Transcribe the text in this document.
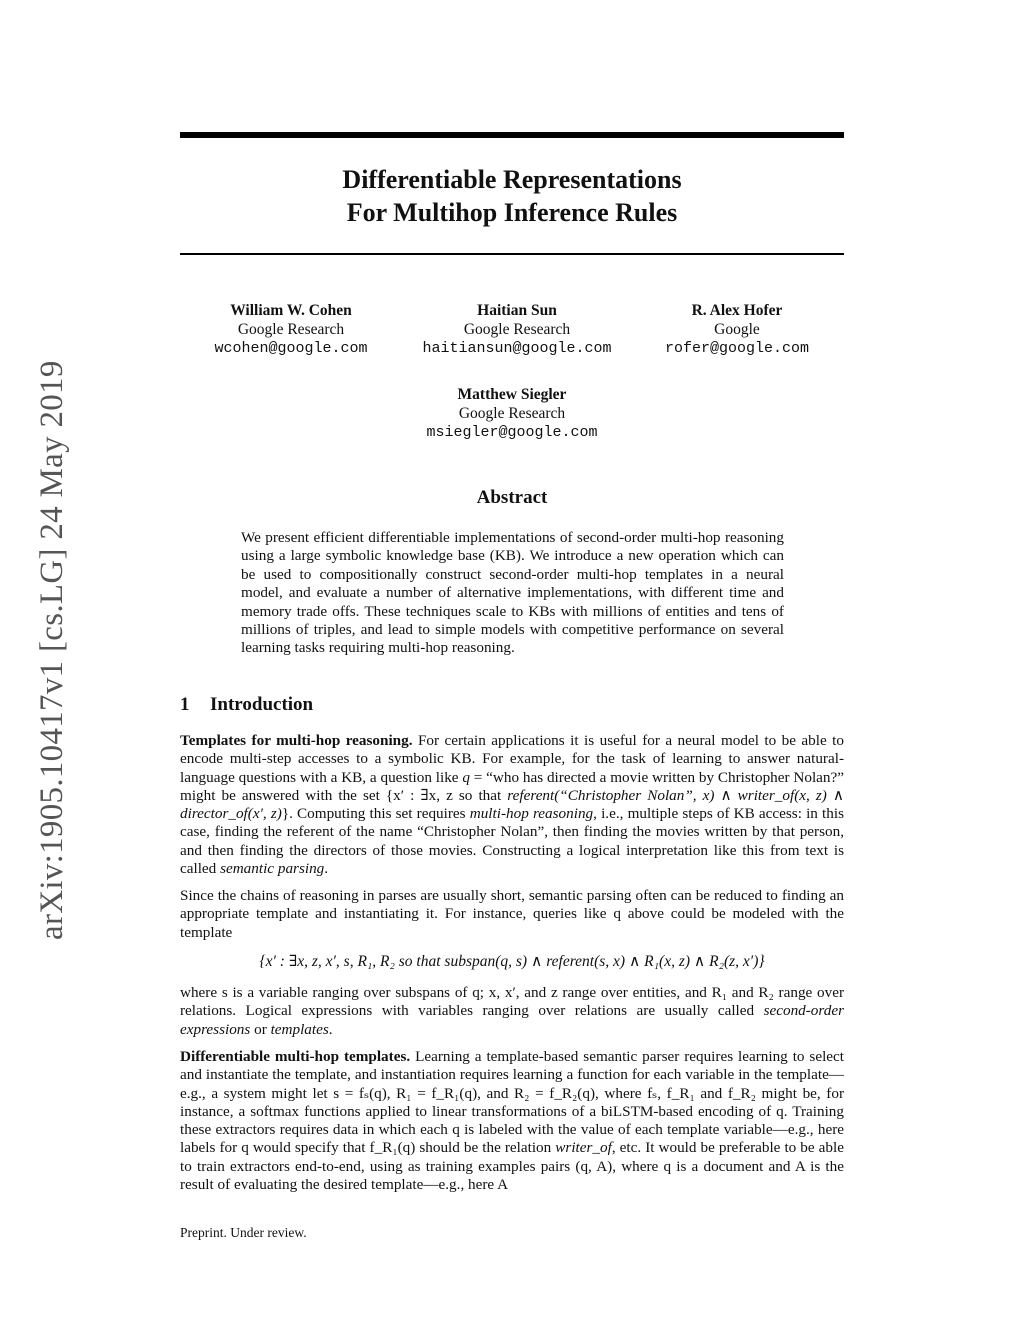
arXiv:1905.10417v1 [cs.LG] 24 May 2019
Differentiable Representations
For Multihop Inference Rules
William W. Cohen
Google Research
wcohen@google.com
Haitian Sun
Google Research
haitiansun@google.com
R. Alex Hofer
Google
rofer@google.com
Matthew Siegler
Google Research
msiegler@google.com
Abstract
We present efficient differentiable implementations of second-order multi-hop reasoning using a large symbolic knowledge base (KB). We introduce a new operation which can be used to compositionally construct second-order multi-hop templates in a neural model, and evaluate a number of alternative implementations, with different time and memory trade offs. These techniques scale to KBs with millions of entities and tens of millions of triples, and lead to simple models with competitive performance on several learning tasks requiring multi-hop reasoning.
1 Introduction
Templates for multi-hop reasoning. For certain applications it is useful for a neural model to be able to encode multi-step accesses to a symbolic KB. For example, for the task of learning to answer natural-language questions with a KB, a question like q = “who has directed a movie written by Christopher Nolan?” might be answered with the set {x′ : ∃x, z so that referent(“Christopher Nolan”, x) ∧ writer_of(x, z) ∧ director_of(x′, z)}. Computing this set requires multi-hop reasoning, i.e., multiple steps of KB access: in this case, finding the referent of the name “Christopher Nolan”, then finding the movies written by that person, and then finding the directors of those movies. Constructing a logical interpretation like this from text is called semantic parsing.
Since the chains of reasoning in parses are usually short, semantic parsing often can be reduced to finding an appropriate template and instantiating it. For instance, queries like q above could be modeled with the template
{x′ : ∃x, z, x′, s, R₁, R₂ so that subspan(q, s) ∧ referent(s, x) ∧ R₁(x, z) ∧ R₂(z, x′)}
where s is a variable ranging over subspans of q; x, x′, and z range over entities, and R₁ and R₂ range over relations. Logical expressions with variables ranging over relations are usually called second-order expressions or templates.
Differentiable multi-hop templates. Learning a template-based semantic parser requires learning to select and instantiate the template, and instantiation requires learning a function for each variable in the template—e.g., a system might let s = fₛ(q), R₁ = f_R₁(q), and R₂ = f_R₂(q), where fₛ, f_R₁ and f_R₂ might be, for instance, a softmax functions applied to linear transformations of a biLSTM-based encoding of q. Training these extractors requires data in which each q is labeled with the value of each template variable—e.g., here labels for q would specify that f_R₁(q) should be the relation writer_of, etc. It would be preferable to be able to train extractors end-to-end, using as training examples pairs (q, A), where q is a document and A is the result of evaluating the desired template—e.g., here A
Preprint. Under review.
